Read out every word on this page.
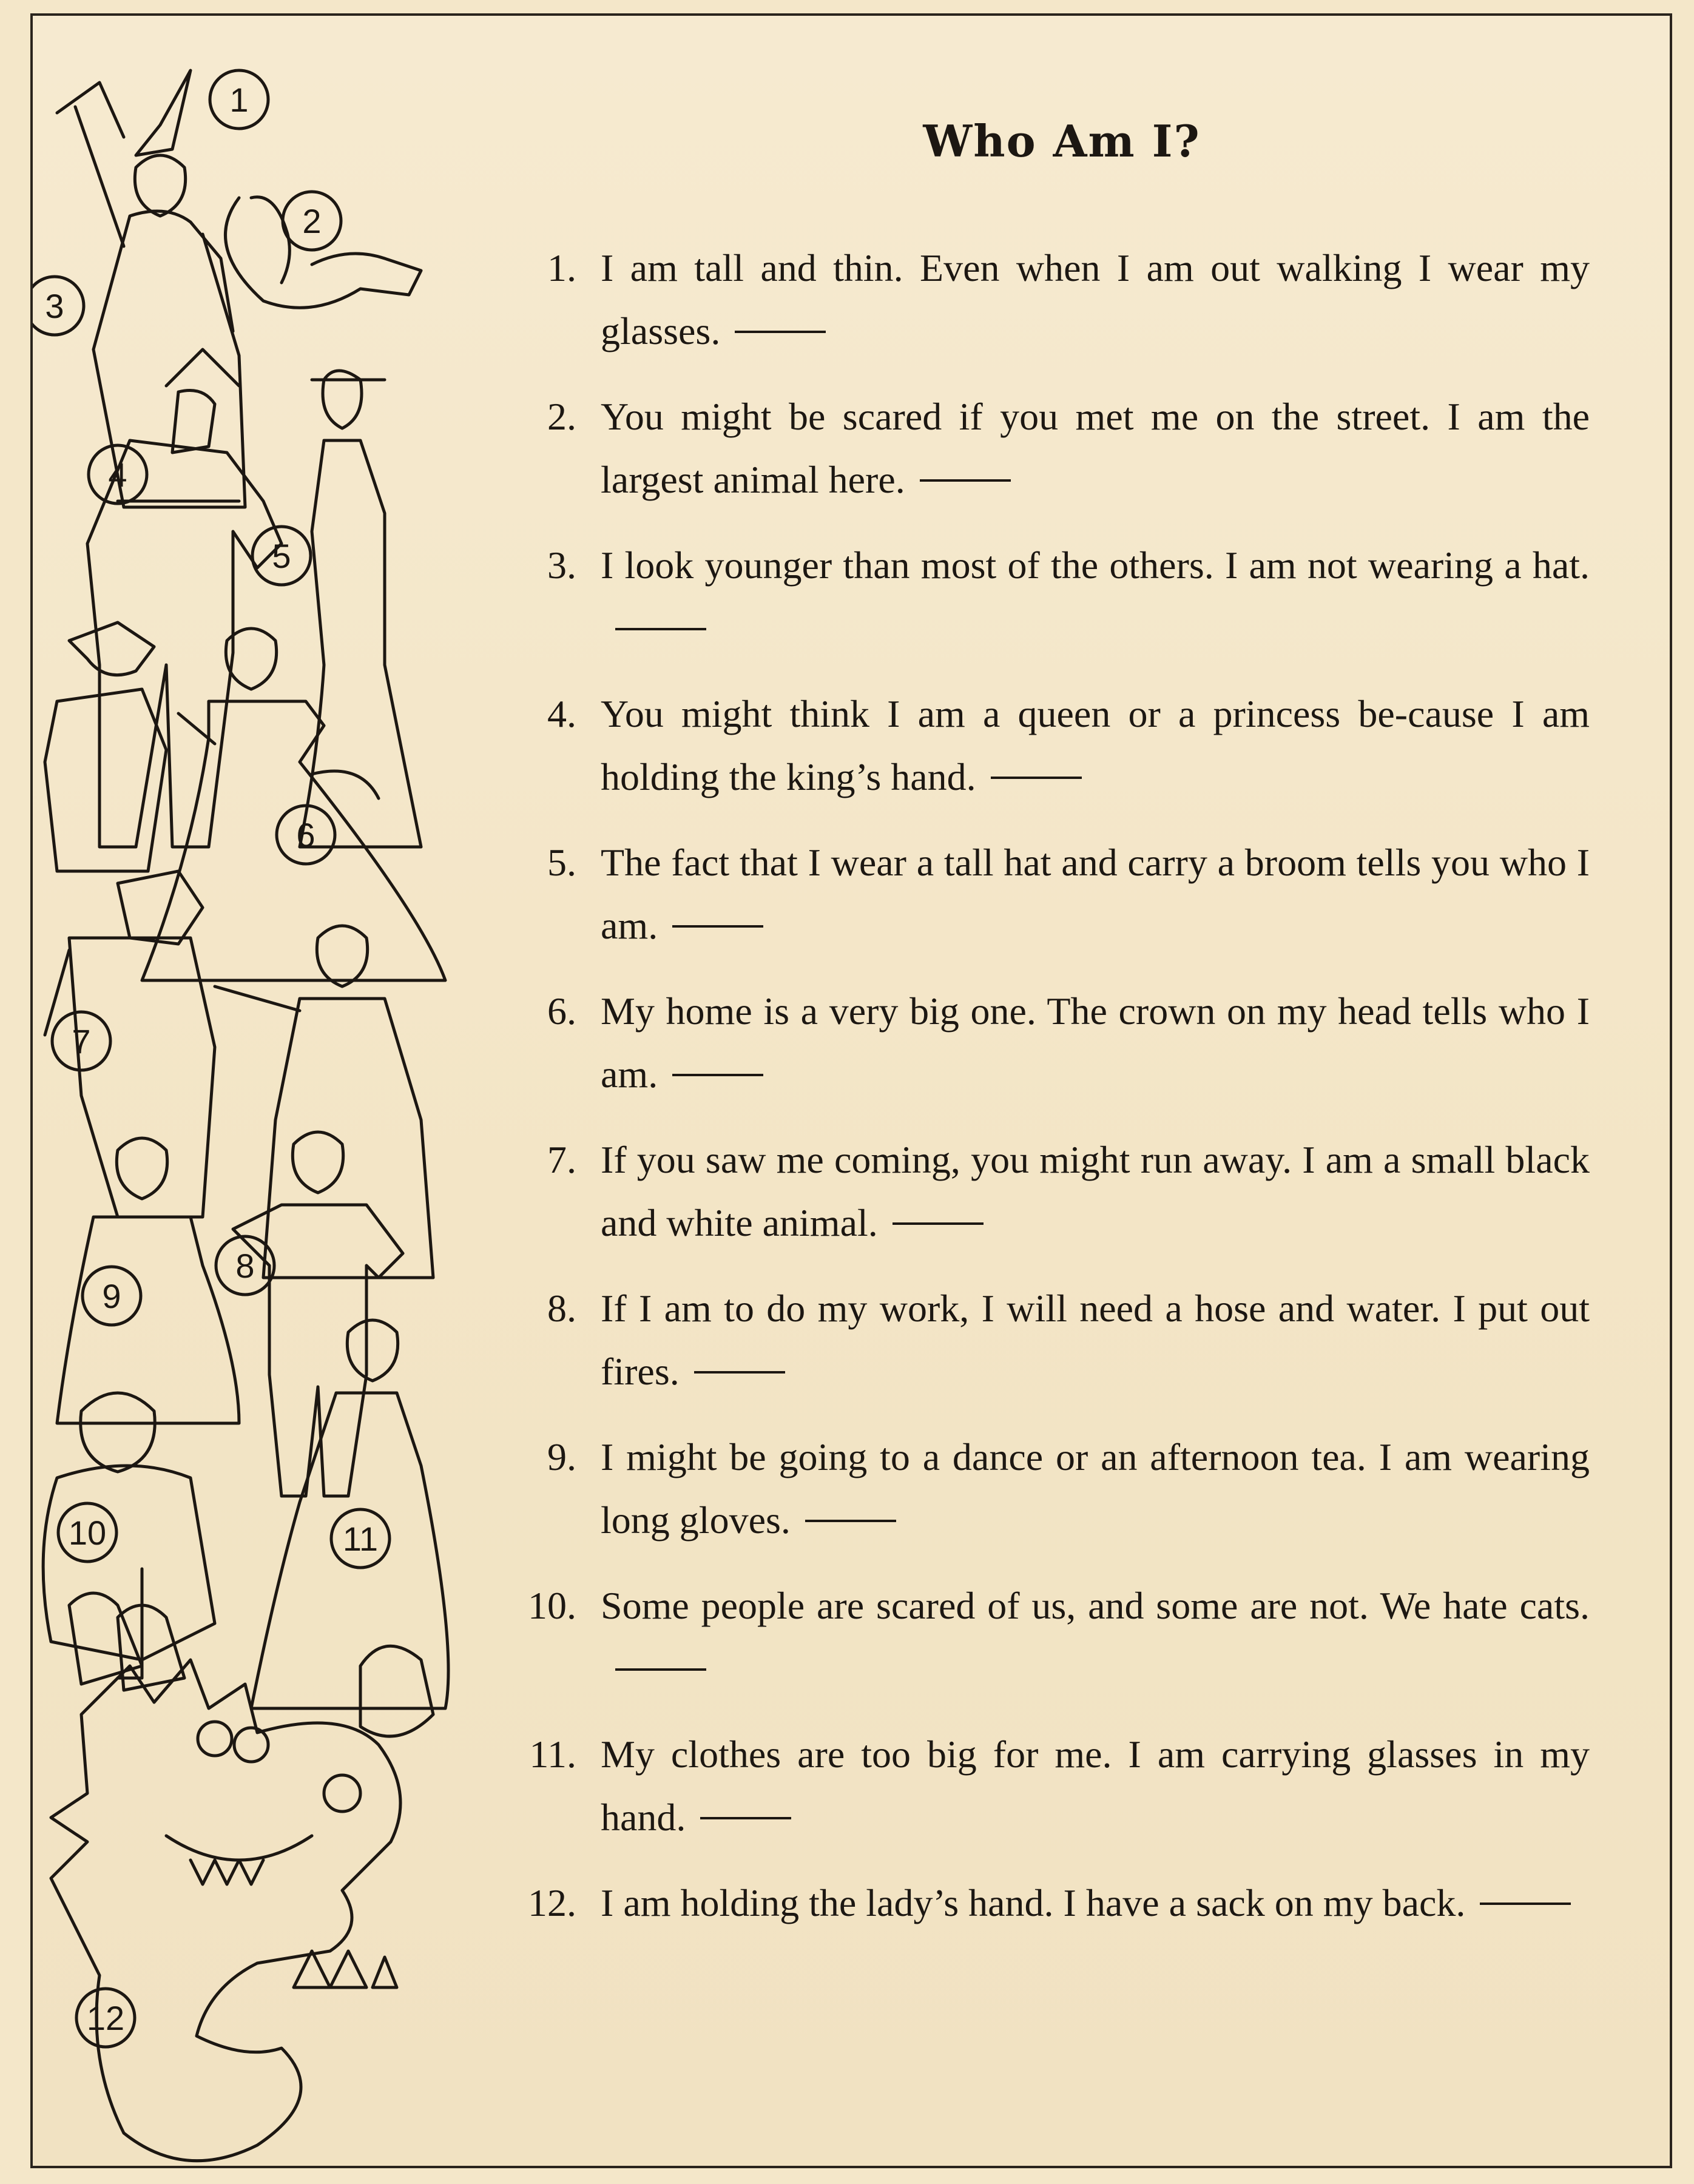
1
2
3
4
5
6
7
8
9
10	11
12
Who Am I?
1. I am tall and thin. Even when I am out walking I wear my glasses.
2. You might be scared if you met me on the street. I am the largest animal here.
3. I look younger than most of the others. I am not wearing a hat.
4. You might think I am a queen or a princess be-cause I am holding the king’s hand.
5. The fact that I wear a tall hat and carry a broom tells you who I am.
6. My home is a very big one. The crown on my head tells who I am.
7. If you saw me coming, you might run away. I am a small black and white animal.
8. If I am to do my work, I will need a hose and water. I put out fires.
9. I might be going to a dance or an afternoon tea. I am wearing long gloves.
10. Some people are scared of us, and some are not. We hate cats.
11. My clothes are too big for me. I am carrying glasses in my hand.
12. I am holding the lady’s hand. I have a sack on my back.
